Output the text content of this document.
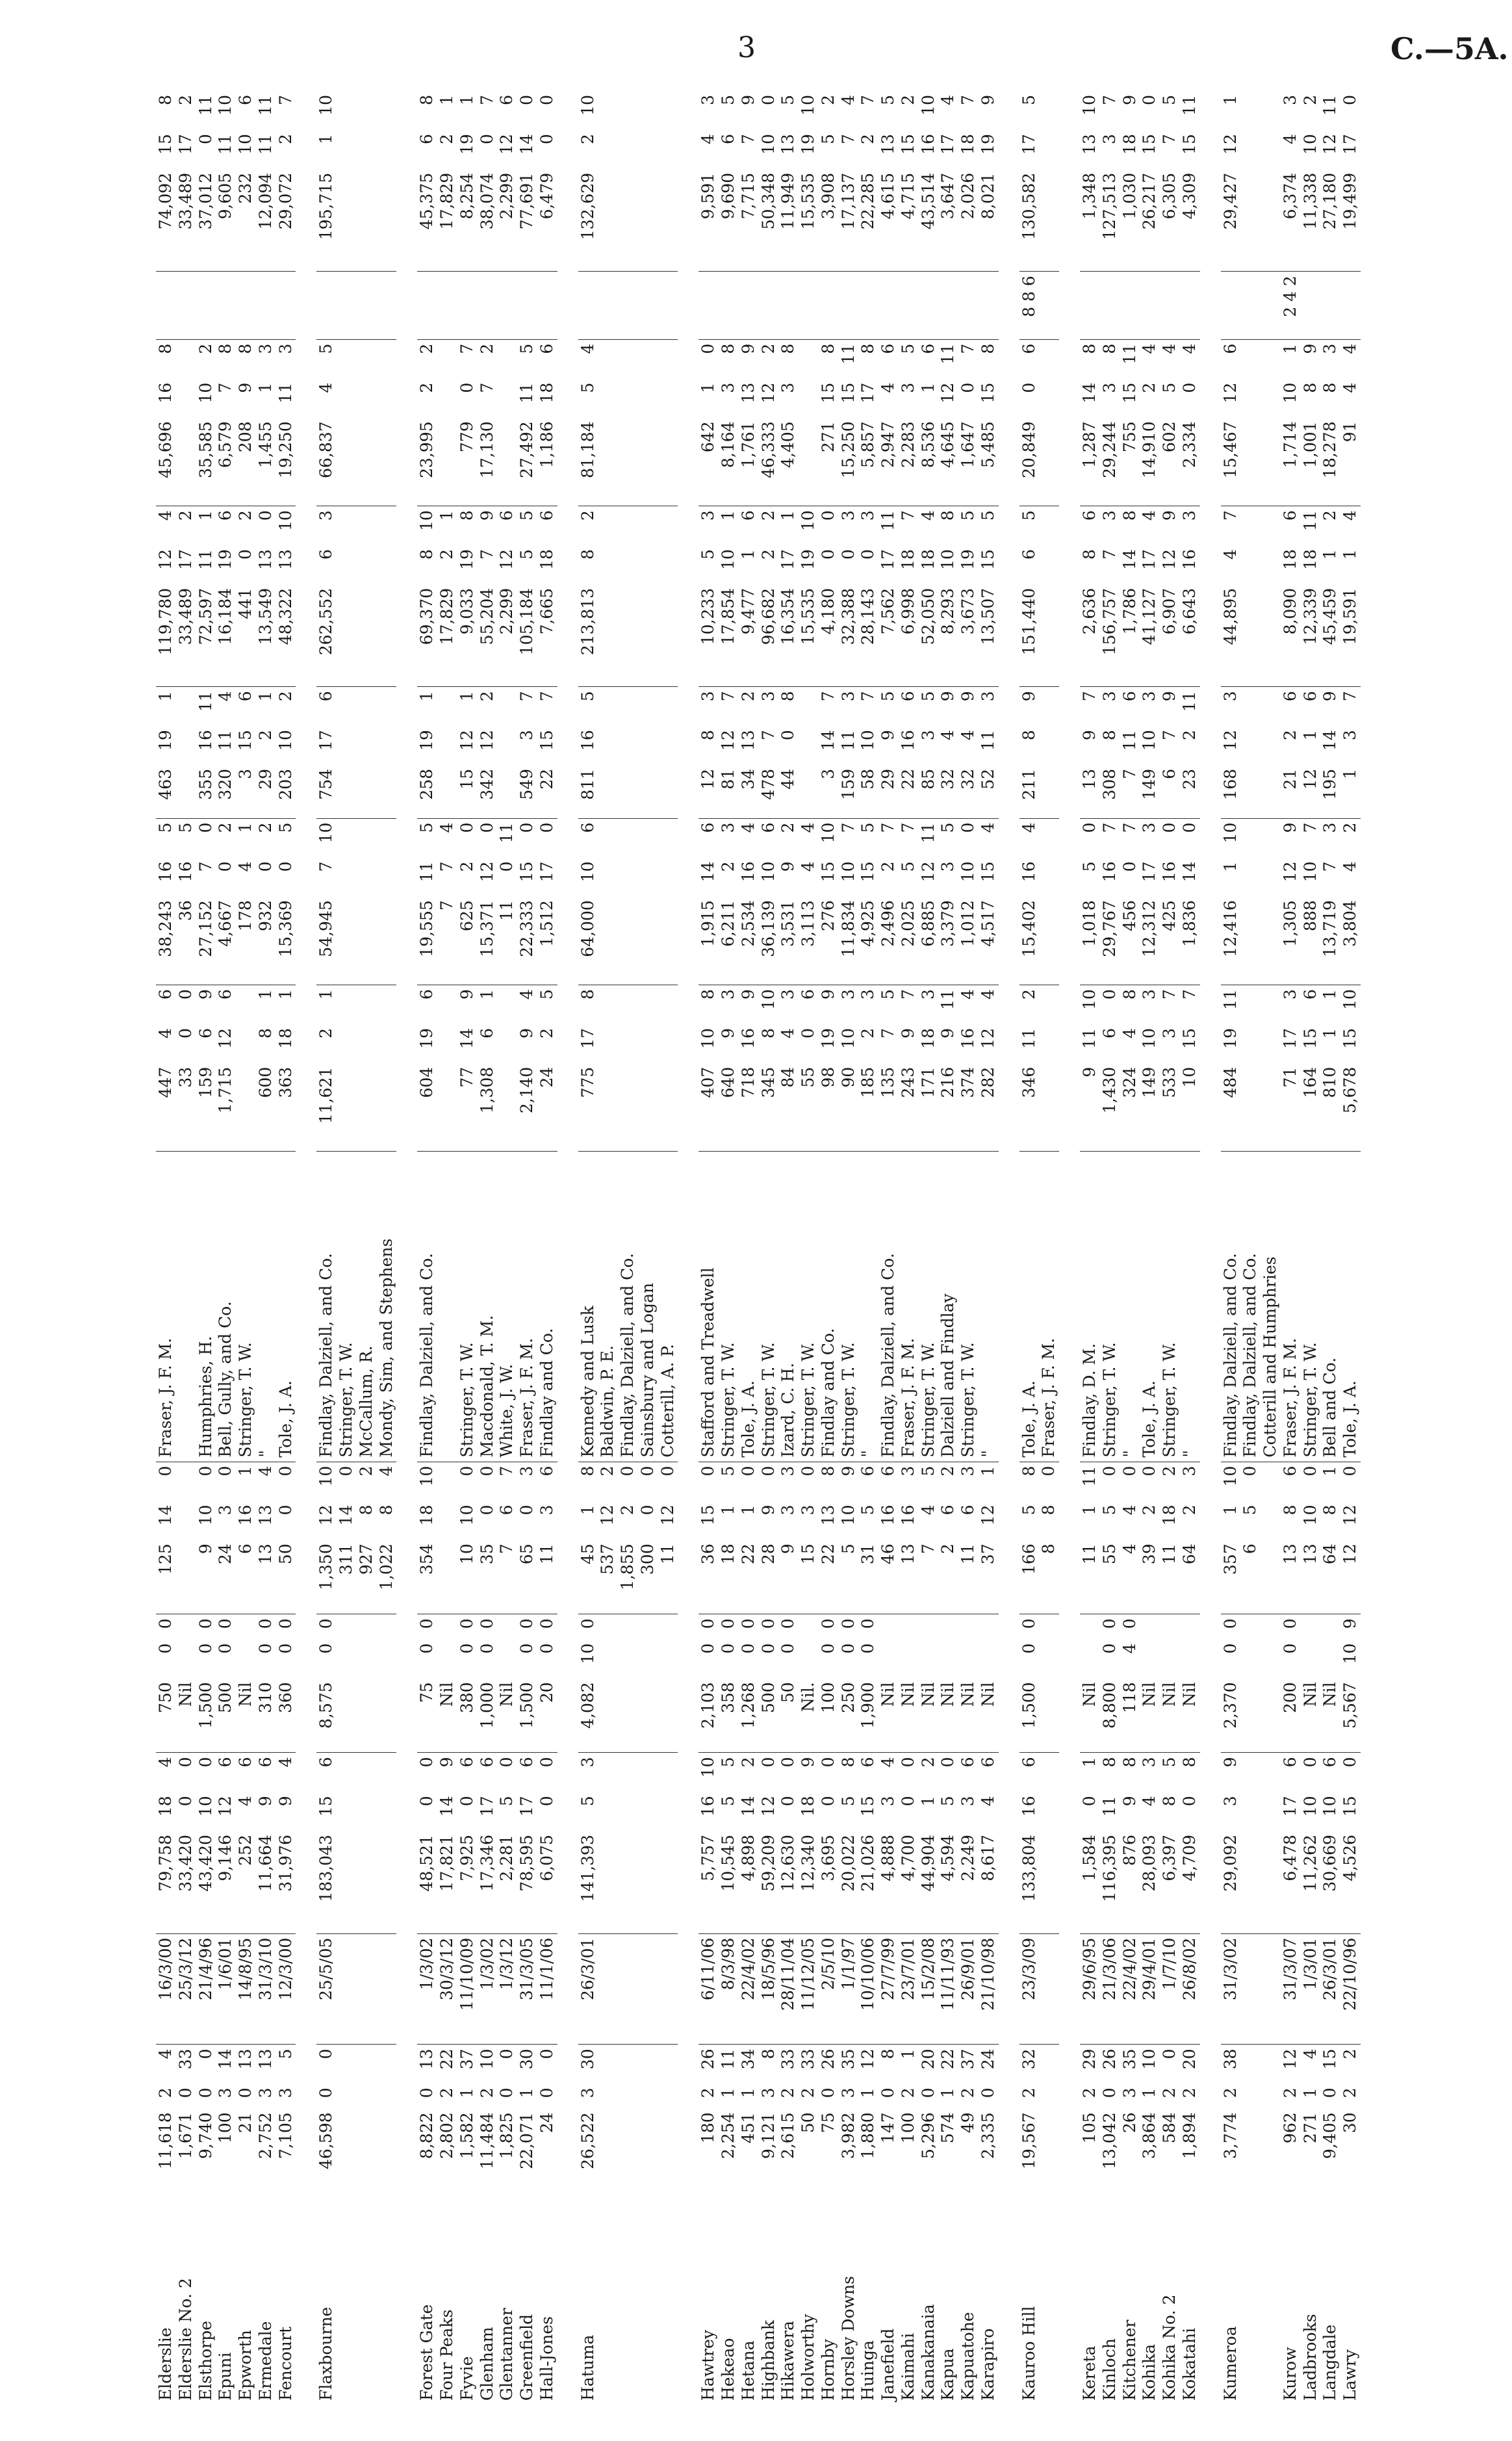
3	C.—5A.
Elderslie	11,618	2	4	16/3/00	79,758	18	4	750	0	0	125	14	0	Fraser, J. F. M.	447	4	6	38,243	16	5	463	19	1	119,780	12	4	45,696	16	8		74,092	15	8
Elderslie No. 2	1,671	0	33	25/3/12	33,420	0	0	Nil							33	0	0	36	16	5				33,489	17	2					33,489	17	2
Elsthorpe	9,740	0	0	21/4/96	43,420	10	0	1,500	0	0	9	10	0	Humphries, H.	159	6	9	27,152	7	0	355	16	11	72,597	11	1	35,585	10	2		37,012	0	11
Epuni	100	3	14	1/6/01	9,146	12	6	500	0	0	24	3	0	Bell, Gully, and Co.	1,715	12	6	4,667	0	2	320	11	4	16,184	19	6	6,579	7	8		9,605	11	10
Epworth	21	0	13	14/8/95	252	4	6	Nil			6	16	1	Stringer, T. W.				178	4	1	3	15	6	441	0	2	208	9	8		232	10	6
Ermedale	2,752	3	13	31/3/10	11,664	9	6	310	0	0	13	13	4	"	600	8	1	932	0	2	29	2	1	13,549	13	0	1,455	1	3		12,094	11	11
Fencourt	7,105	3	5	12/3/00	31,976	9	4	360	0	0	50	0	0	Tole, J. A.	363	18	1	15,369	0	5	203	10	2	48,322	13	10	19,250	11	3		29,072	2	7

Flaxbourne	46,598	0	0	25/5/05	183,043	15	6	8,575	0	0	1,350	12	10	Findlay, Dalziell, and Co.	11,621	2	1	54,945	7	10	754	17	6	262,552	6	3	66,837	4	5		195,715	1	10
											311	14	0	Stringer, T. W.																			
											927	8	2	McCallum, R.																			
											1,022	8	4	Mondy, Sim, and Stephens																			

Forest Gate	8,822	0	13	1/3/02	48,521	0	0	75	0	0	354	18	10	Findlay, Dalziell, and Co.	604	19	6	19,555	11	5	258	19	1	69,370	8	10	23,995	2	2		45,375	6	8
Four Peaks	2,802	2	22	30/3/12	17,821	14	9	Nil										7	7	4				17,829	2	1					17,829	2	1
Fyvie	1,582	1	37	11/10/09	7,925	0	6	380	0	0	10	10	0	Stringer, T. W.	77	14	9	625	2	0	15	12	1	9,033	19	8	779	0	7		8,254	19	1
Glenham	11,484	2	10	1/3/02	17,346	17	6	1,000	0	0	35	0	0	Macdonald, T. M.	1,308	6	1	15,371	12	0	342	12	2	55,204	7	9	17,130	7	2		38,074	0	7
Glentanner	1,825	0	0	1/3/12	2,281	5	0	Nil			7	6	7	White, J. W.				11	0	11				2,299	12	6					2,299	12	6
Greenfield	22,071	1	30	31/3/05	78,595	17	6	1,500	0	0	65	0	3	Fraser, J. F. M.	2,140	9	4	22,333	15	0	549	3	7	105,184	5	5	27,492	11	5		77,691	14	0
Hall-Jones	24	0	0	11/1/06	6,075	0	0	20	0	0	11	3	6	Findlay and Co.	24	2	5	1,512	17	0	22	15	7	7,665	18	6	1,186	18	6		6,479	0	0

Hatuma	26,522	3	30	26/3/01	141,393	5	3	4,082	10	0	45	1	8	Kennedy and Lusk	775	17	8	64,000	10	6	811	16	5	213,813	8	2	81,184	5	4		132,629	2	10
											537	12	2	Baldwin, P. E.																			
											1,855	2	0	Findlay, Dalziell, and Co.																			
											300	0	0	Sainsbury and Logan																			
											11	12	0	Cotterill, A. P.																			

Hawtrey	180	2	26	6/11/06	5,757	16	10	2,103	0	0	36	15	0	Stafford and Treadwell	407	10	8	1,915	14	6	12	8	3	10,233	5	3	642	1	0		9,591	4	3
Hekeao	2,254	1	11	8/3/98	10,545	5	5	358	0	0	18	1	5	Stringer, T. W.	640	9	3	6,211	2	3	81	12	7	17,854	10	1	8,164	3	8		9,690	6	5
Hetana	451	1	34	22/4/02	4,898	14	2	1,268	0	0	22	1	0	Tole, J. A.	718	16	9	2,534	16	4	34	13	2	9,477	1	6	1,761	13	9		7,715	7	9
Highbank	9,121	3	8	18/5/96	59,209	12	0	500	0	0	28	9	0	Stringer, T. W.	345	8	10	36,139	10	6	478	7	3	96,682	2	2	46,333	12	2		50,348	10	0
Hikawera	2,615	2	33	28/11/04	12,630	0	0	50	0	0	9	3	3	Izard, C. H.	84	4	3	3,531	9	2	44	0	8	16,354	17	1	4,405	3	8		11,949	13	5
Holworthy	50	2	33	11/12/05	12,340	18	9	Nil.			15	3	0	Stringer, T. W.	55	0	6	3,113	4	4				15,535	19	10					15,535	19	10
Hornby	75	0	26	2/5/10	3,695	0	0	100	0	0	22	13	8	Findlay and Co.	98	19	9	276	15	10	3	14	7	4,180	0	0	271	15	8		3,908	5	2
Horsley Downs	3,982	3	35	1/1/97	20,022	5	8	250	0	0	5	10	9	Stringer, T. W.	90	10	3	11,834	10	7	159	11	3	32,388	0	3	15,250	15	11		17,137	7	4
Huinga	1,880	1	12	10/10/06	21,026	15	6	1,900	0	0	31	5	6	"	185	2	3	4,925	15	5	58	10	7	28,143	0	3	5,857	17	8		22,285	2	7
Janefield	147	0	8	27/7/99	4,888	3	4	Nil			46	16	6	Findlay, Dalziell, and Co.	135	7	5	2,496	2	7	29	9	5	7,562	17	11	2,947	4	6		4,615	13	5
Kaimahi	100	2	1	23/7/01	4,700	0	0	Nil			13	16	3	Fraser, J. F. M.	243	9	7	2,025	5	7	22	16	6	6,998	18	7	2,283	3	5		4,715	15	2
Kanakanaia	5,296	0	20	15/2/08	44,904	1	2	Nil			7	4	5	Stringer, T. W.	171	18	3	6,885	12	11	85	3	5	52,050	18	4	8,536	1	6		43,514	16	10
Kapua	574	1	22	11/11/93	4,594	5	0	Nil			2	6	2	Dalziell and Findlay	216	9	11	3,379	3	5	32	4	9	8,293	10	8	4,645	12	11		3,647	17	4
Kapuatohe	49	2	37	26/9/01	2,249	3	6	Nil			11	6	3	Stringer, T. W.	374	16	4	1,012	10	0	32	4	9	3,673	19	5	1,647	0	7		2,026	18	7
Karapiro	2,335	0	24	21/10/98	8,617	4	6	Nil			37	12	1	"	282	12	4	4,517	15	4	52	11	3	13,507	15	5	5,485	15	8		8,021	19	9

Kauroo Hill	19,567	2	32	23/3/09	133,804	16	6	1,500	0	0	166	5	8	Tole, J. A.	346	11	2	15,402	16	4	211	8	9	151,440	6	5	20,849	0	6	8 8 6	130,582	17	5
											8	8	0	Fraser, J. F. M.																			

Kereta	105	2	29	29/6/95	1,584	0	1	Nil			11	1	11	Findlay, D. M.	9	11	10	1,018	5	0	13	9	7	2,636	8	6	1,287	14	8		1,348	13	10
Kinloch	13,042	0	26	21/3/06	116,395	11	8	8,800	0	0	55	5	0	Stringer, T. W.	1,430	6	0	29,767	16	7	308	8	3	156,757	7	3	29,244	3	8		127,513	3	7
Kitchener	26	3	35	22/4/02	876	9	8	118	4	0	4	4	0	"	324	4	8	456	0	7	7	11	6	1,786	14	8	755	15	11		1,030	18	9
Kohika	3,864	1	10	29/4/01	28,093	4	3	Nil			39	2	0	Tole, J. A.	149	10	3	12,312	17	3	149	10	3	41,127	17	4	14,910	2	4		26,217	15	0
Kohika No. 2	584	2	0	1/7/10	6,397	8	5	Nil			11	18	2	Stringer, T. W.	533	3	7	425	16	0	6	7	9	6,907	12	9	602	5	4		6,305	7	5
Kokatahi	1,894	2	20	26/8/02	4,709	0	8	Nil			64	2	3	"	10	15	7	1,836	14	0	23	2	11	6,643	16	3	2,334	0	4		4,309	15	11

Kumeroa	3,774	2	38	31/3/02	29,092	3	9	2,370	0	0	357	1	10	Findlay, Dalziell, and Co.	484	19	11	12,416	1	10	168	12	3	44,895	4	7	15,467	12	6		29,427	12	1
											6	5	0	Findlay, Dalziell, and Co.																			
														Cotterill and Humphries																			
Kurow	962	2	12	31/3/07	6,478	17	6	200	0	0	13	8	6	Fraser, J. F. M.	71	17	3	1,305	12	9	21	2	6	8,090	18	6	1,714	10	1	2 4 2	6,374	4	3
Ladbrooks	271	1	4	1/3/01	11,262	10	0	Nil			13	10	0	Stringer, T. W.	164	15	6	888	10	7	12	1	6	12,339	18	11	1,001	8	9		11,338	10	2
Langdale	9,405	0	15	26/3/01	30,669	10	6	Nil			64	8	1	Bell and Co.	810	1	1	13,719	7	3	195	14	9	45,459	1	2	18,278	8	3		27,180	12	11
Lawry	30	2	2	22/10/96	4,526	15	0	5,567	10	9	12	12	0	Tole, J. A.	5,678	15	10	3,804	4	2	1	3	7	19,591	1	4	91	4	4		19,499	17	0
